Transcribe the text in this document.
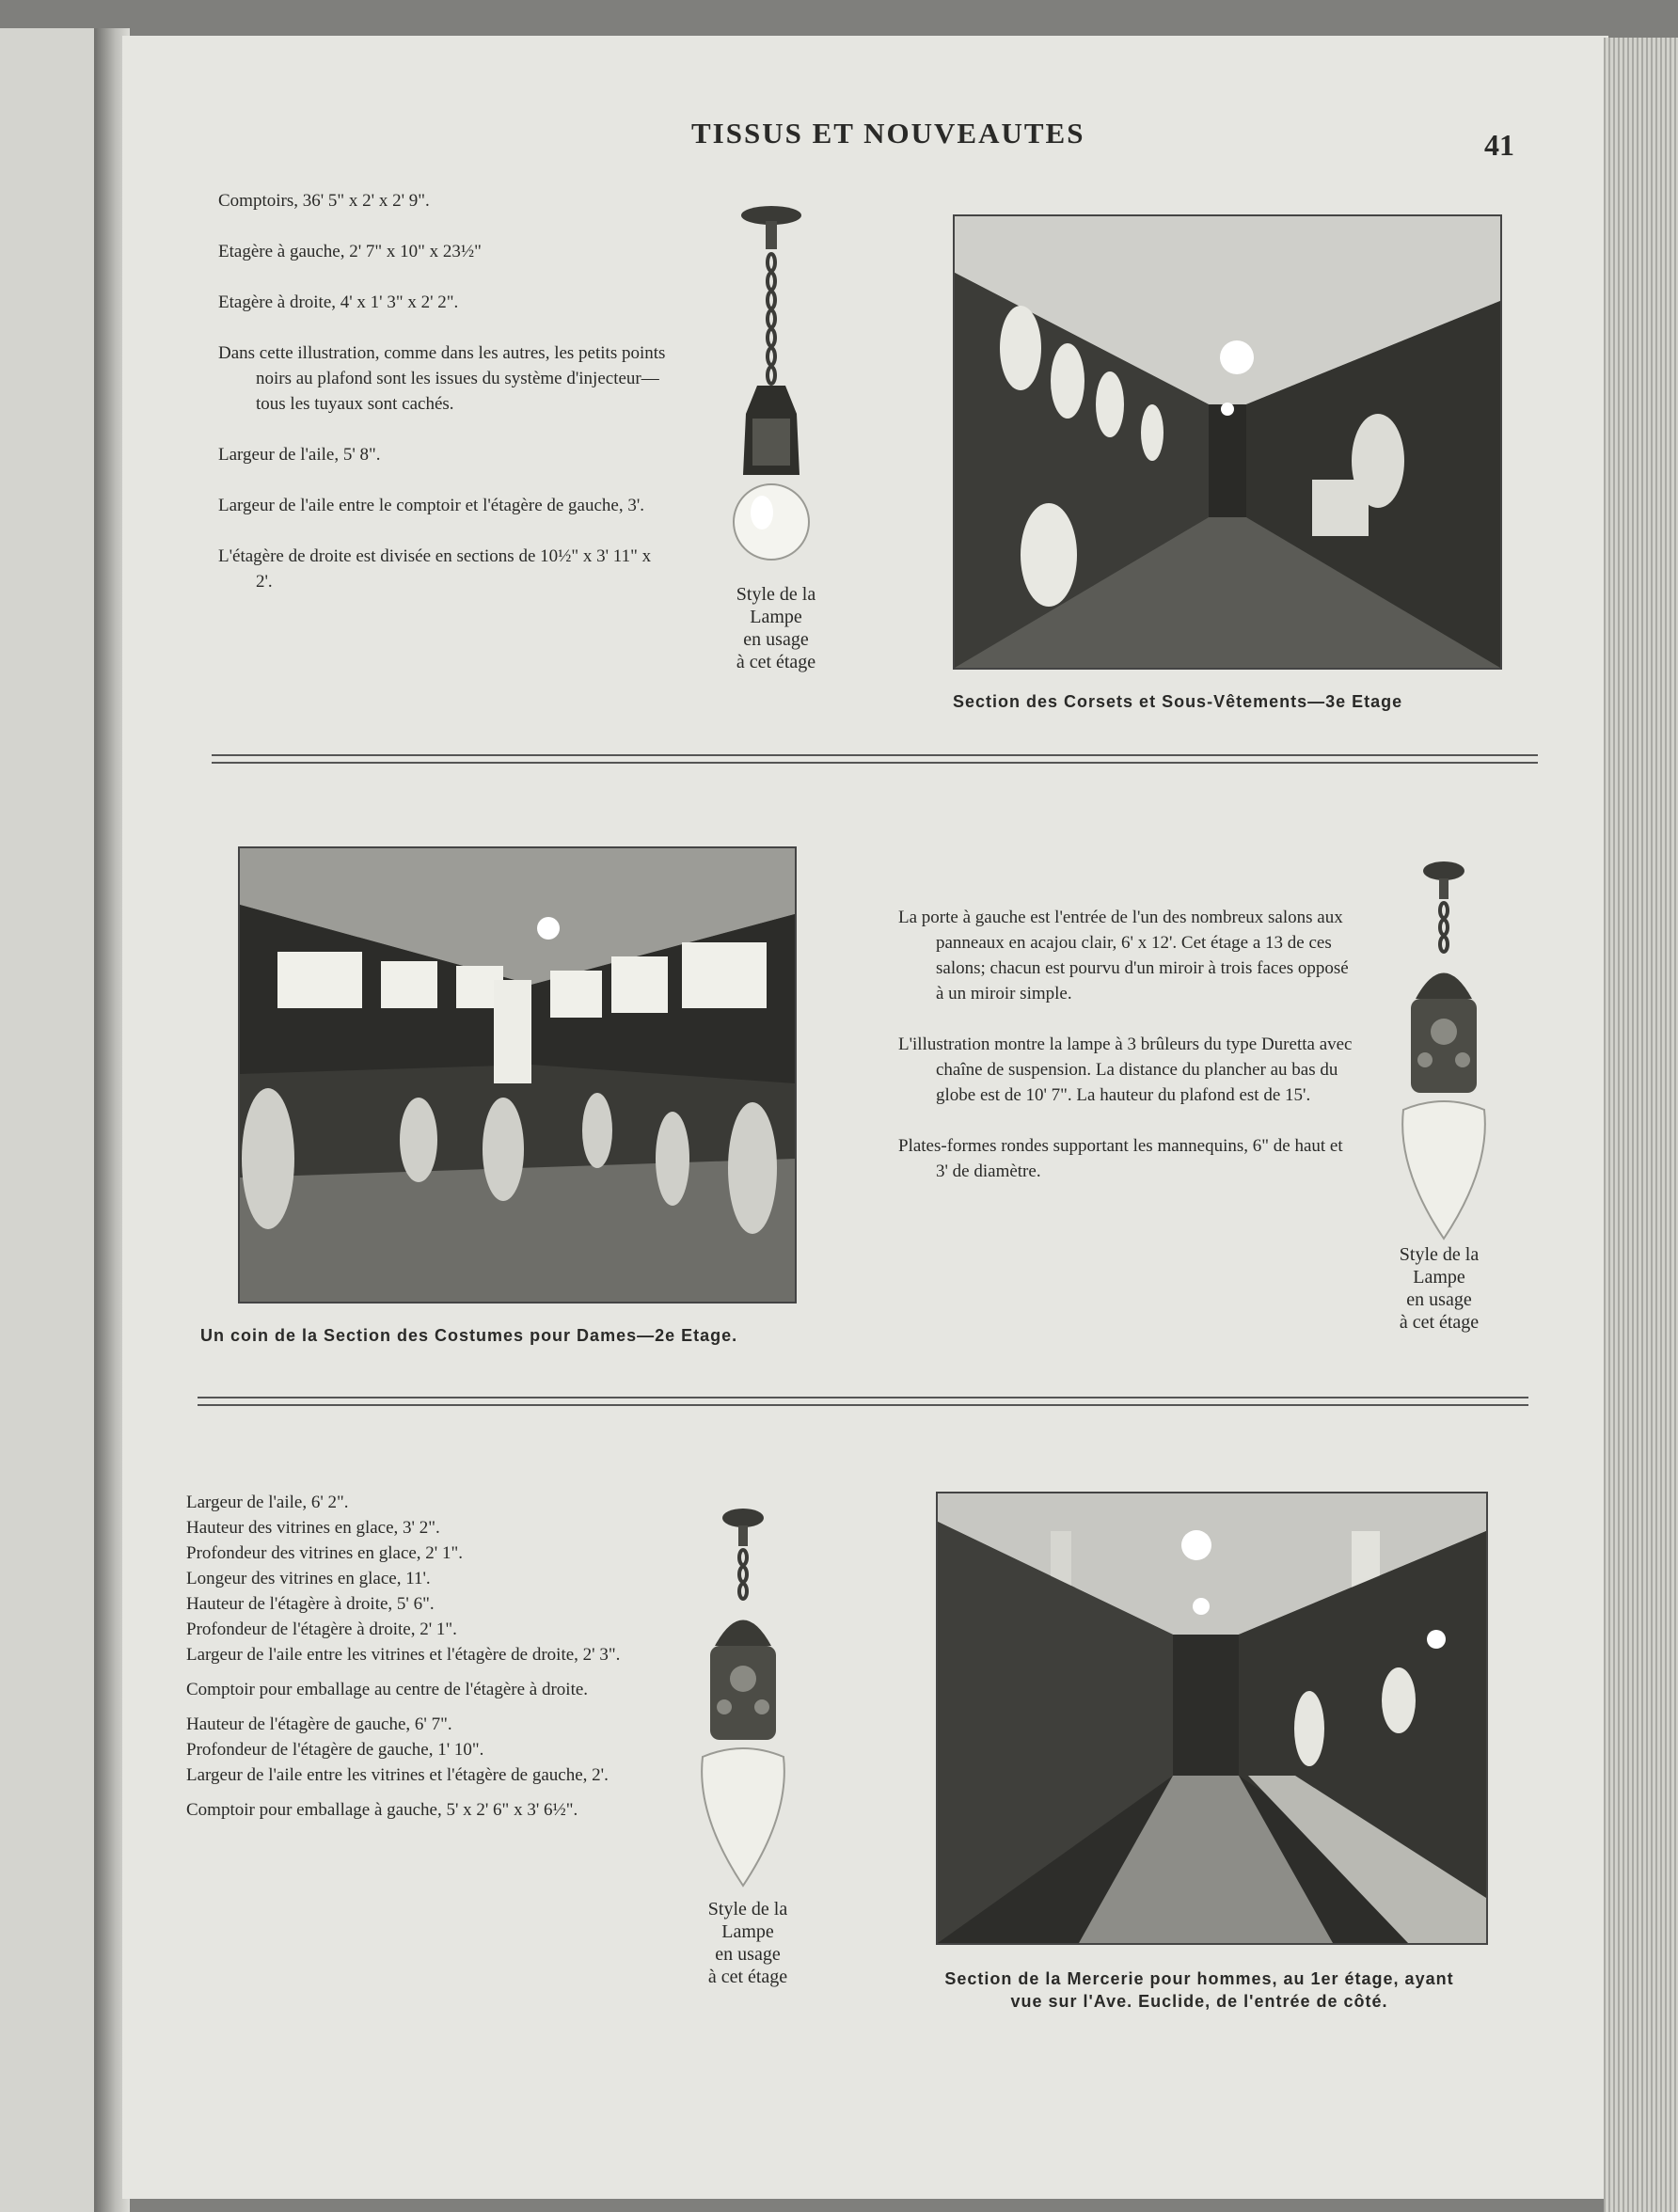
TISSUS ET NOUVEAUTES	41

Comptoirs, 36' 5" x 2' x 2' 9".

Etagère à gauche, 2' 7" x 10" x 23½"

Etagère à droite, 4' x 1' 3" x 2' 2".

Dans cette illustration, comme dans les autres, les petits points noirs au plafond sont les issues du système d'injecteur—tous les tuyaux sont cachés.

Largeur de l'aile, 5' 8".

Largeur de l'aile entre le comptoir et l'étagère de gauche, 3'.

L'étagère de droite est divisée en sections de 10½" x 3' 11" x 2'.

Style de la
Lampe
en usage
à cet étage
Section des Corsets et Sous-Vêtements—3e Etage
Un coin de la Section des Costumes pour Dames—2e Etage.

La porte à gauche est l'entrée de l'un des nombreux salons aux panneaux en acajou clair, 6' x 12'. Cet étage a 13 de ces salons; chacun est pourvu d'un miroir à trois faces opposé à un miroir simple.

L'illustration montre la lampe à 3 brûleurs du type Duretta avec chaîne de suspension. La distance du plancher au bas du globe est de 10' 7". La hauteur du plafond est de 15'.

Plates-formes rondes supportant les mannequins, 6" de haut et 3' de diamètre.

Style de la
Lampe
en usage
à cet étage

Largeur de l'aile, 6' 2".

Hauteur des vitrines en glace, 3' 2".

Profondeur des vitrines en glace, 2' 1".

Longeur des vitrines en glace, 11'.

Hauteur de l'étagère à droite, 5' 6".

Profondeur de l'étagère à droite, 2' 1".

Largeur de l'aile entre les vitrines et l'étagère de droite, 2' 3".

Comptoir pour emballage au centre de l'étagère à droite.

Hauteur de l'étagère de gauche, 6' 7".

Profondeur de l'étagère de gauche, 1' 10".

Largeur de l'aile entre les vitrines et l'étagère de gauche, 2'.

Comptoir pour emballage à gauche, 5' x 2' 6" x 3' 6½".

Style de la
Lampe
en usage
à cet étage	Section de la Mercerie pour hommes, au 1er étage, ayant
vue sur l'Ave. Euclide, de l'entrée de côté.
